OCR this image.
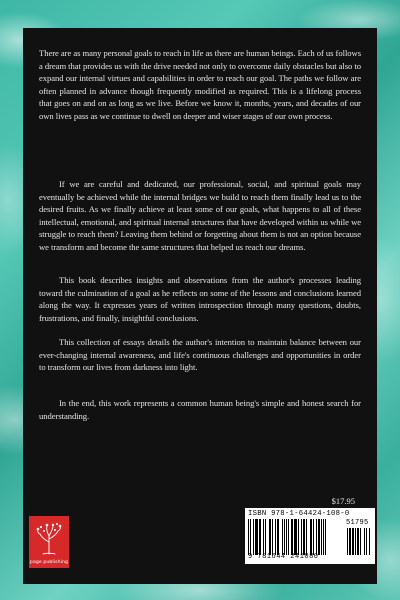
There are as many personal goals to reach in life as there are human beings. Each of us follows a dream that provides us with the drive needed not only to overcome daily obstacles but also to expand our internal virtues and capabilities in order to reach our goal. The paths we follow are often planned in advance though frequently modified as required. This is a lifelong process that goes on and on as long as we live. Before we know it, months, years, and decades of our own lives pass as we continue to dwell on deeper and wiser stages of our own process.

If we are careful and dedicated, our professional, social, and spiritual goals may eventually be achieved while the internal bridges we build to reach them finally lead us to the desired fruits. As we finally achieve at least some of our goals, what happens to all of these intellectual, emotional, and spiritual internal structures that have developed within us while we struggle to reach them? Leaving them behind or forgetting about them is not an option because we transform and become the same structures that helped us reach our dreams.

This book describes insights and observations from the author's processes leading toward the culmination of a goal as he reflects on some of the lessons and conclusions learned along the way. It expresses years of written introspection through many questions, doubts, frustrations, and finally, insightful conclusions.

This collection of essays details the author's intention to maintain balance between our ever-changing internal awareness, and life's continuous challenges and opportunities in order to transform our lives from darkness into light.

In the end, this work represents a common human being's simple and honest search for understanding.

$17.95
page publishing
ISBN 978-1-64424-108-0
51795
9 781644 241080
